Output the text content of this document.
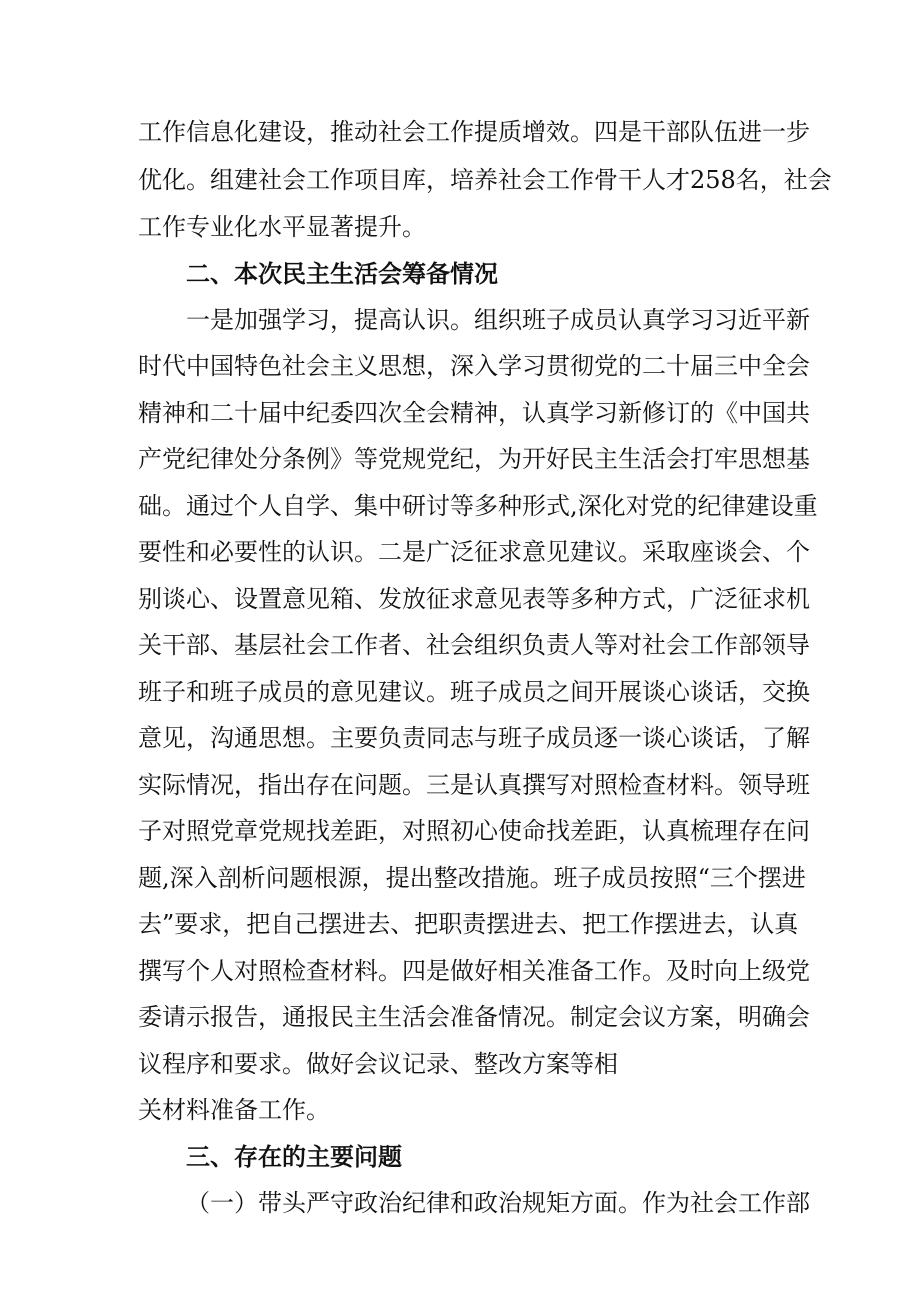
工作信息化建设，推动社会工作提质增效。四是干部队伍进一步
优化。组建社会工作项目库，培养社会工作骨干人才258名，社会
工作专业化水平显著提升。
二、本次民主生活会筹备情况
一是加强学习，提高认识。组织班子成员认真学习习近平新
时代中国特色社会主义思想，深入学习贯彻党的二十届三中全会
精神和二十届中纪委四次全会精神，认真学习新修订的《中国共
产党纪律处分条例》等党规党纪，为开好民主生活会打牢思想基
础。通过个人自学、集中研讨等多种形式,深化对党的纪律建设重
要性和必要性的认识。二是广泛征求意见建议。采取座谈会、个
别谈心、设置意见箱、发放征求意见表等多种方式，广泛征求机
关干部、基层社会工作者、社会组织负责人等对社会工作部领导
班子和班子成员的意见建议。班子成员之间开展谈心谈话，交换
意见，沟通思想。主要负责同志与班子成员逐一谈心谈话，了解
实际情况，指出存在问题。三是认真撰写对照检查材料。领导班
子对照党章党规找差距，对照初心使命找差距，认真梳理存在问
题,深入剖析问题根源，提出整改措施。班子成员按照“三个摆进
去”要求，把自己摆进去、把职责摆进去、把工作摆进去，认真
撰写个人对照检查材料。四是做好相关准备工作。及时向上级党
委请示报告，通报民主生活会准备情况。制定会议方案，明确会
议程序和要求。做好会议记录、整改方案等相
关材料准备工作。
三、存在的主要问题
（一）带头严守政治纪律和政治规矩方面。作为社会工作部
